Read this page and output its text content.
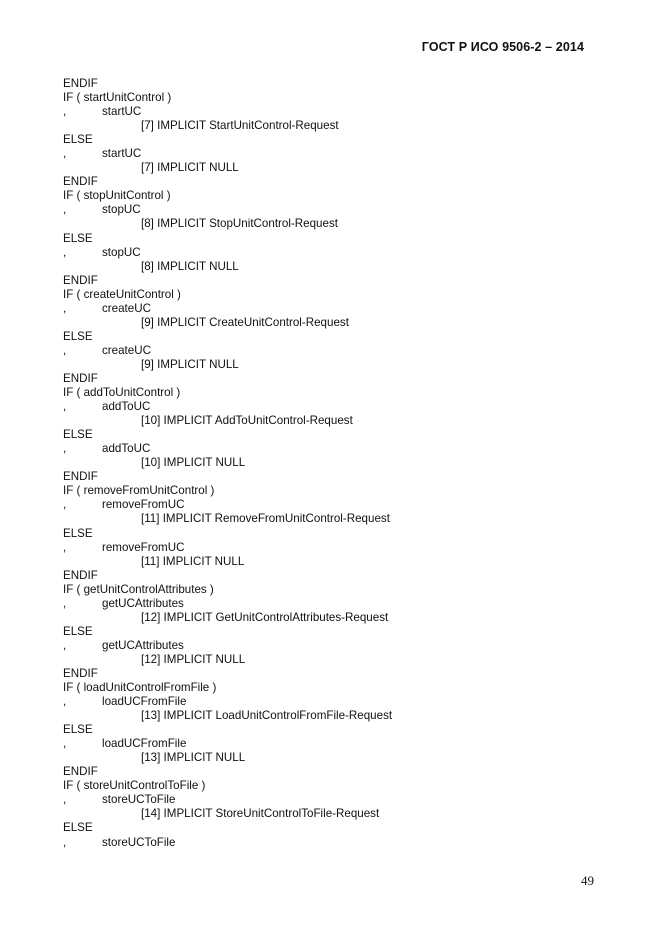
ГОСТ Р ИСО 9506-2 – 2014
ENDIF
IF ( startUnitControl )
,	startUC
[7] IMPLICIT StartUnitControl-Request
ELSE
,	startUC
[7] IMPLICIT NULL
ENDIF
IF ( stopUnitControl )
,	stopUC
[8] IMPLICIT StopUnitControl-Request
ELSE
,	stopUC
[8] IMPLICIT NULL
ENDIF
IF ( createUnitControl )
,	createUC
[9] IMPLICIT CreateUnitControl-Request
ELSE
,	createUC
[9] IMPLICIT NULL
ENDIF
IF ( addToUnitControl )
,	addToUC
[10] IMPLICIT AddToUnitControl-Request
ELSE
,	addToUC
[10] IMPLICIT NULL
ENDIF
IF ( removeFromUnitControl )
,	removeFromUC
[11] IMPLICIT RemoveFromUnitControl-Request
ELSE
,	removeFromUC
[11] IMPLICIT NULL
ENDIF
IF ( getUnitControlAttributes )
,	getUCAttributes
[12] IMPLICIT GetUnitControlAttributes-Request
ELSE
,	getUCAttributes
[12] IMPLICIT NULL
ENDIF
IF ( loadUnitControlFromFile )
,	loadUCFromFile
[13] IMPLICIT LoadUnitControlFromFile-Request
ELSE
,	loadUCFromFile
[13] IMPLICIT NULL
ENDIF
IF ( storeUnitControlToFile )
,	storeUCToFile
[14] IMPLICIT StoreUnitControlToFile-Request
ELSE
,	storeUCToFile
49
